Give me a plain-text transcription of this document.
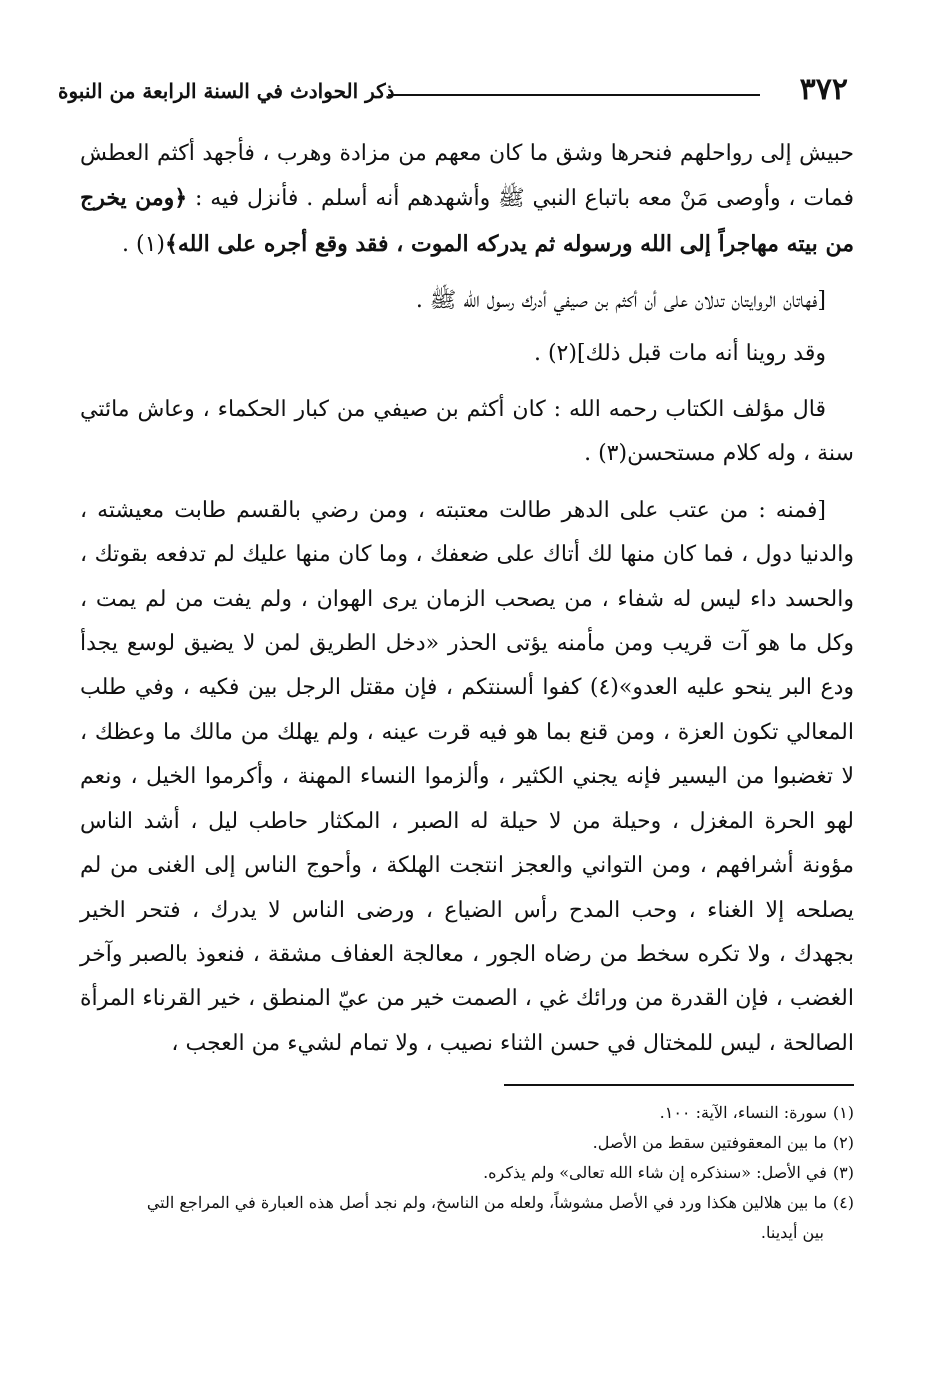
٣٧٢
ذكر الحوادث في السنة الرابعة من النبوة

حبيش إلى رواحلهم فنحرها وشق ما كان معهم من مزادة وهرب ، فأجهد أكثم العطش فمات ، وأوصى مَنْ معه باتباع النبي ﷺ وأشهدهم أنه أسلم . فأنزل فيه : ﴿ومن يخرج من بيته مهاجراً إلى الله ورسوله ثم يدركه الموت ، فقد وقع أجره على الله﴾(١) .

[فهاتان الروايتان تدلان على أن أكثم بن صيفي أدرك رسول الله ﷺ .

وقد روينا أنه مات قبل ذلك](٢) .

قال مؤلف الكتاب رحمه الله : كان أكثم بن صيفي من كبار الحكماء ، وعاش مائتي سنة ، وله كلام مستحسن(٣) .

[فمنه : من عتب على الدهر طالت معتبته ، ومن رضي بالقسم طابت معيشته ، والدنيا دول ، فما كان منها لك أتاك على ضعفك ، وما كان منها عليك لم تدفعه بقوتك ، والحسد داء ليس له شفاء ، من يصحب الزمان يرى الهوان ، ولم يفت من لم يمت ، وكل ما هو آت قريب ومن مأمنه يؤتى الحذر «دخل الطريق لمن لا يضيق لوسع يجدأ ودع البر ينحو عليه العدو»(٤) كفوا ألسنتكم ، فإن مقتل الرجل بين فكيه ، وفي طلب المعالي تكون العزة ، ومن قنع بما هو فيه قرت عينه ، ولم يهلك من مالك ما وعظك ، لا تغضبوا من اليسير فإنه يجني الكثير ، وألزموا النساء المهنة ، وأكرموا الخيل ، ونعم لهو الحرة المغزل ، وحيلة من لا حيلة له الصبر ، المكثار حاطب ليل ، أشد الناس مؤونة أشرافهم ، ومن التواني والعجز انتجت الهلكة ، وأحوج الناس إلى الغنى من لم يصلحه إلا الغناء ، وحب المدح رأس الضياع ، ورضى الناس لا يدرك ، فتحر الخير بجهدك ، ولا تكره سخط من رضاه الجور ، معالجة العفاف مشقة ، فنعوذ بالصبر وآخر الغضب ، فإن القدرة من ورائك غي ، الصمت خير من عيّ المنطق ، خير القرناء المرأة الصالحة ، ليس للمختال في حسن الثناء نصيب ، ولا تمام لشيء من العجب ،

(١)سورة: النساء، الآية: ١٠٠.

(٢)ما بين المعقوفتين سقط من الأصل.

(٣)في الأصل: «سنذكره إن شاء الله تعالى» ولم يذكره.

(٤)ما بين هلالين هكذا ورد في الأصل مشوشاً، ولعله من الناسخ، ولم نجد أصل هذه العبارة في المراجع التي

بين أيدينا.
